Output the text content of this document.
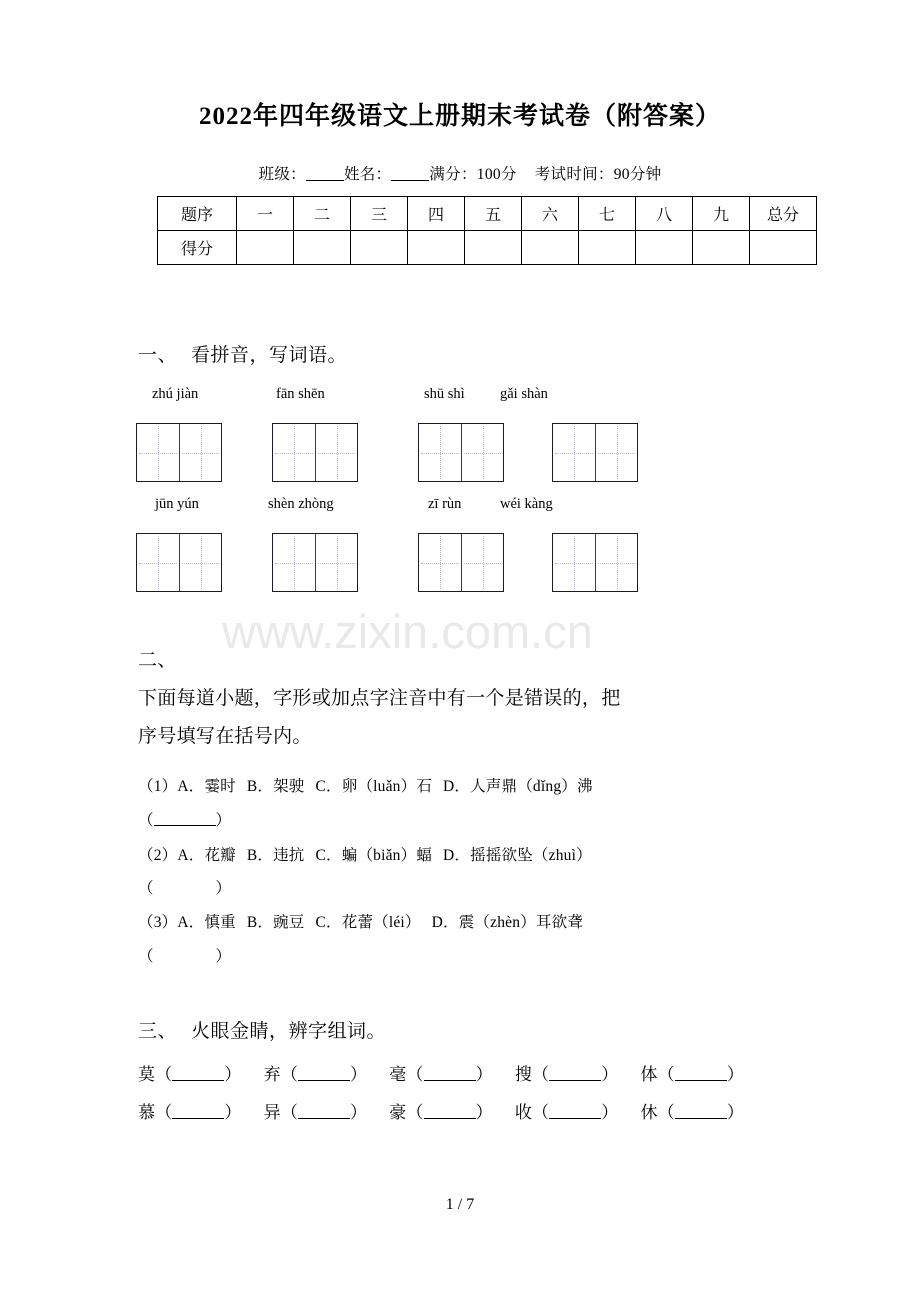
www.zixin.com.cn
2022年四年级语文上册期末考试卷（附答案）
班级： 姓名： 满分：100分 考试时间：90分钟
题序	一	二	三	四	五	六	七	八	九	总分
得分										
一、 看拼音，写词语。
zhú jiàn	fān shēn	shū shì gǎi shàn
jūn yún	shèn zhòng	zī rùn	wéi kàng
二、
下面每道小题，字形或加点字注音中有一个是错误的，把
序号填写在括号内。
（1）A．霎时 B．架驶 C．卵（luǎn）石 D．人声鼎（dǐng）沸
（	）
（2）A．花瓣 B．违抗 C．蝙（biǎn）蝠 D．摇摇欲坠（zhuì）
（	）
（3）A．慎重 B．豌豆 C．花蕾（léi） D．震（zhèn）耳欲聋
（	）
三、 火眼金睛，辨字组词。
莫（	） 弃（	） 毫（	） 搜（	） 体（	）
慕（	） 异（	） 豪（	） 收（	） 休（	）
1 / 7
